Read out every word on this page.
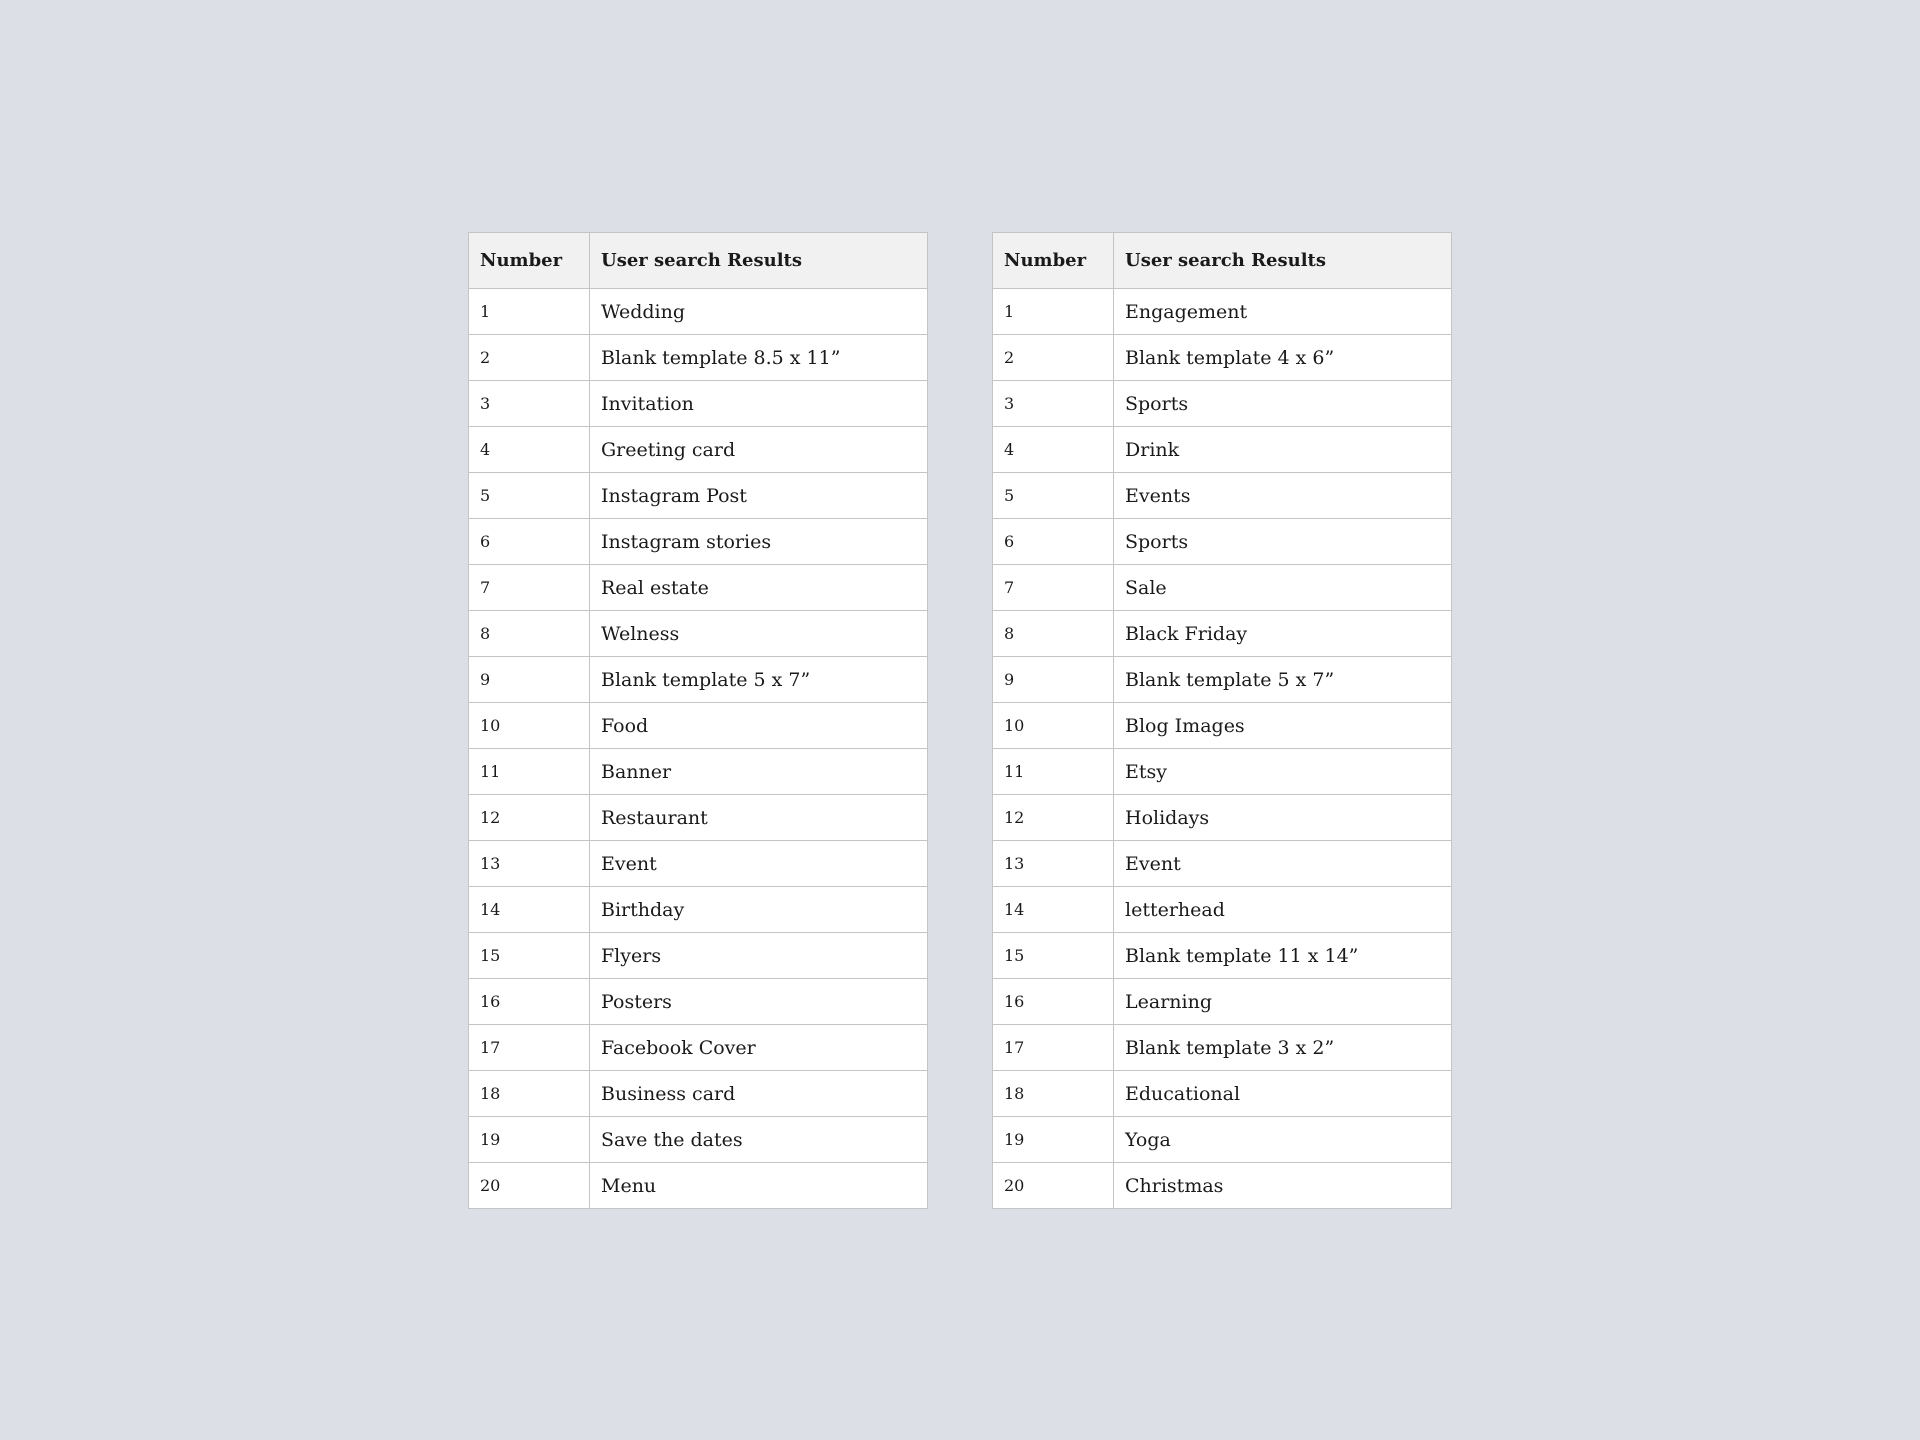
Number	User search Results
1	Wedding
2	Blank template 8.5 x 11”
3	Invitation
4	Greeting card
5	Instagram Post
6	Instagram stories
7	Real estate
8	Welness
9	Blank template 5 x 7”
10	Food
11	Banner
12	Restaurant
13	Event
14	Birthday
15	Flyers
16	Posters
17	Facebook Cover
18	Business card
19	Save the dates
20	Menu
Number	User search Results
1	Engagement
2	Blank template 4 x 6”
3	Sports
4	Drink
5	Events
6	Sports
7	Sale
8	Black Friday
9	Blank template 5 x 7”
10	Blog Images
11	Etsy
12	Holidays
13	Event
14	letterhead
15	Blank template 11 x 14”
16	Learning
17	Blank template 3 x 2”
18	Educational
19	Yoga
20	Christmas
